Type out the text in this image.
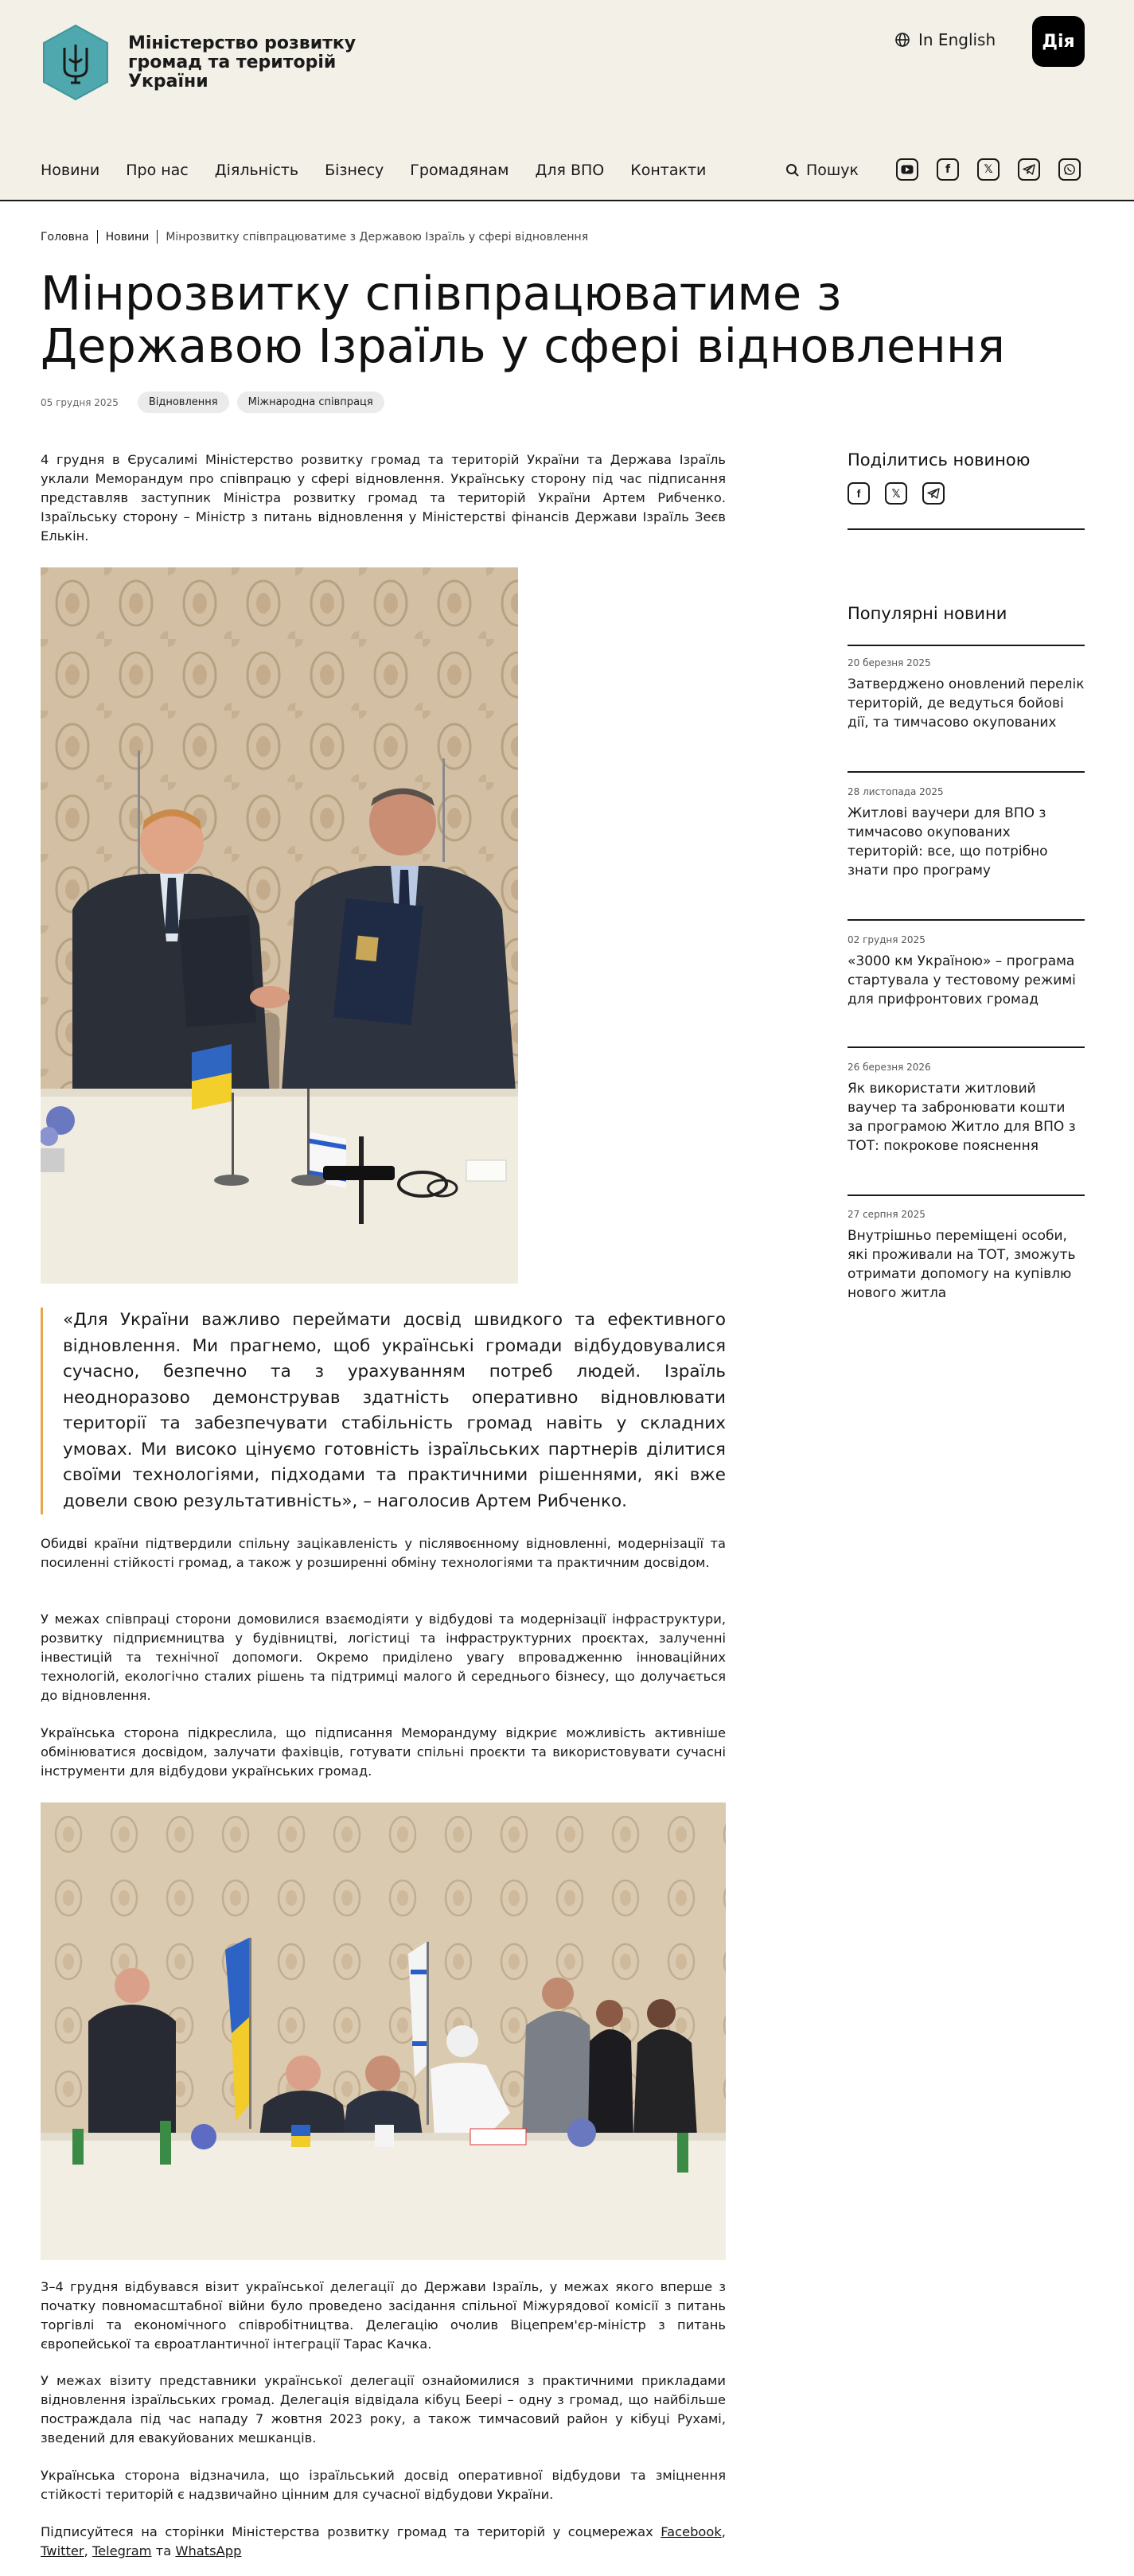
Міністерство розвитку громад та територій України
In English	Дія
Новини Про нас Діяльність Бізнесу Громадянам Для ВПО Контакти	Пошук	f	𝕏
Головна Новини Мінрозвитку співпрацюватиме з Державою Ізраїль у сфері відновлення
Мінрозвитку співпрацюватиме з Державою Ізраїль у сфері відновлення
05 грудня 2025	Відновлення	Міжнародна співпраця

4 грудня в Єрусалимі Міністерство розвитку громад та територій України та Держава Ізраїль уклали Меморандум про співпрацю у сфері відновлення. Українську сторону під час підписання представляв заступник Міністра розвитку громад та територій України Артем Рибченко. Ізраїльську сторону – Міністр з питань відновлення у Міністерстві фінансів Держави Ізраїль Зеєв Елькін.

«Для України важливо переймати досвід швидкого та ефективного відновлення. Ми прагнемо, щоб українські громади відбудовувалися сучасно, безпечно та з урахуванням потреб людей. Ізраїль неодноразово демонстрував здатність оперативно відновлювати території та забезпечувати стабільність громад навіть у складних умовах. Ми високо цінуємо готовність ізраїльських партнерів ділитися своїми технологіями, підходами та практичними рішеннями, які вже довели свою результативність», – наголосив Артем Рибченко.

Обидві країни підтвердили спільну зацікавленість у післявоєнному відновленні, модернізації та посиленні стійкості громад, а також у розширенні обміну технологіями та практичним досвідом.

У межах співпраці сторони домовилися взаємодіяти у відбудові та модернізації інфраструктури, розвитку підприємництва у будівництві, логістиці та інфраструктурних проєктах, залученні інвестицій та технічної допомоги. Окремо приділено увагу впровадженню інноваційних технологій, екологічно сталих рішень та підтримці малого й середнього бізнесу, що долучається до відновлення.

Українська сторона підкреслила, що підписання Меморандуму відкриє можливість активніше обмінюватися досвідом, залучати фахівців, готувати спільні проєкти та використовувати сучасні інструменти для відбудови українських громад.

3–4 грудня відбувався візит української делегації до Держави Ізраїль, у межах якого вперше з початку повномасштабної війни було проведено засідання спільної Міжурядової комісії з питань торгівлі та економічного співробітництва. Делегацію очолив Віцепрем'єр-міністр з питань європейської та євроатлантичної інтеграції Тарас Качка.

У межах візиту представники української делегації ознайомилися з практичними прикладами відновлення ізраїльських громад. Делегація відвідала кібуц Беері – одну з громад, що найбільше постраждала під час нападу 7 жовтня 2023 року, а також тимчасовий район у кібуці Рухамі, зведений для евакуйованих мешканців.

Українська сторона відзначила, що ізраїльський досвід оперативної відбудови та зміцнення стійкості територій є надзвичайно цінним для сучасної відбудови України.

Підписуйтеся на сторінки Міністерства розвитку громад та територій у соцмережах Facebook, Twitter, Telegram та WhatsApp

Поділитись новиною
f	𝕏
Популярні новини
20 березня 2025
Затверджено оновлений перелік територій, де ведуться бойові дії, та тимчасово окупованих
28 листопада 2025
Житлові ваучери для ВПО з тимчасово окупованих територій: все, що потрібно знати про програму
02 грудня 2025
«3000 км Україною» – програма стартувала у тестовому режимі для прифронтових громад
26 березня 2026
Як використати житловий ваучер та забронювати кошти за програмою Житло для ВПО з ТОТ: покрокове пояснення
27 серпня 2025
Внутрішньо переміщені особи, які проживали на ТОТ, зможуть отримати допомогу на купівлю нового житла
